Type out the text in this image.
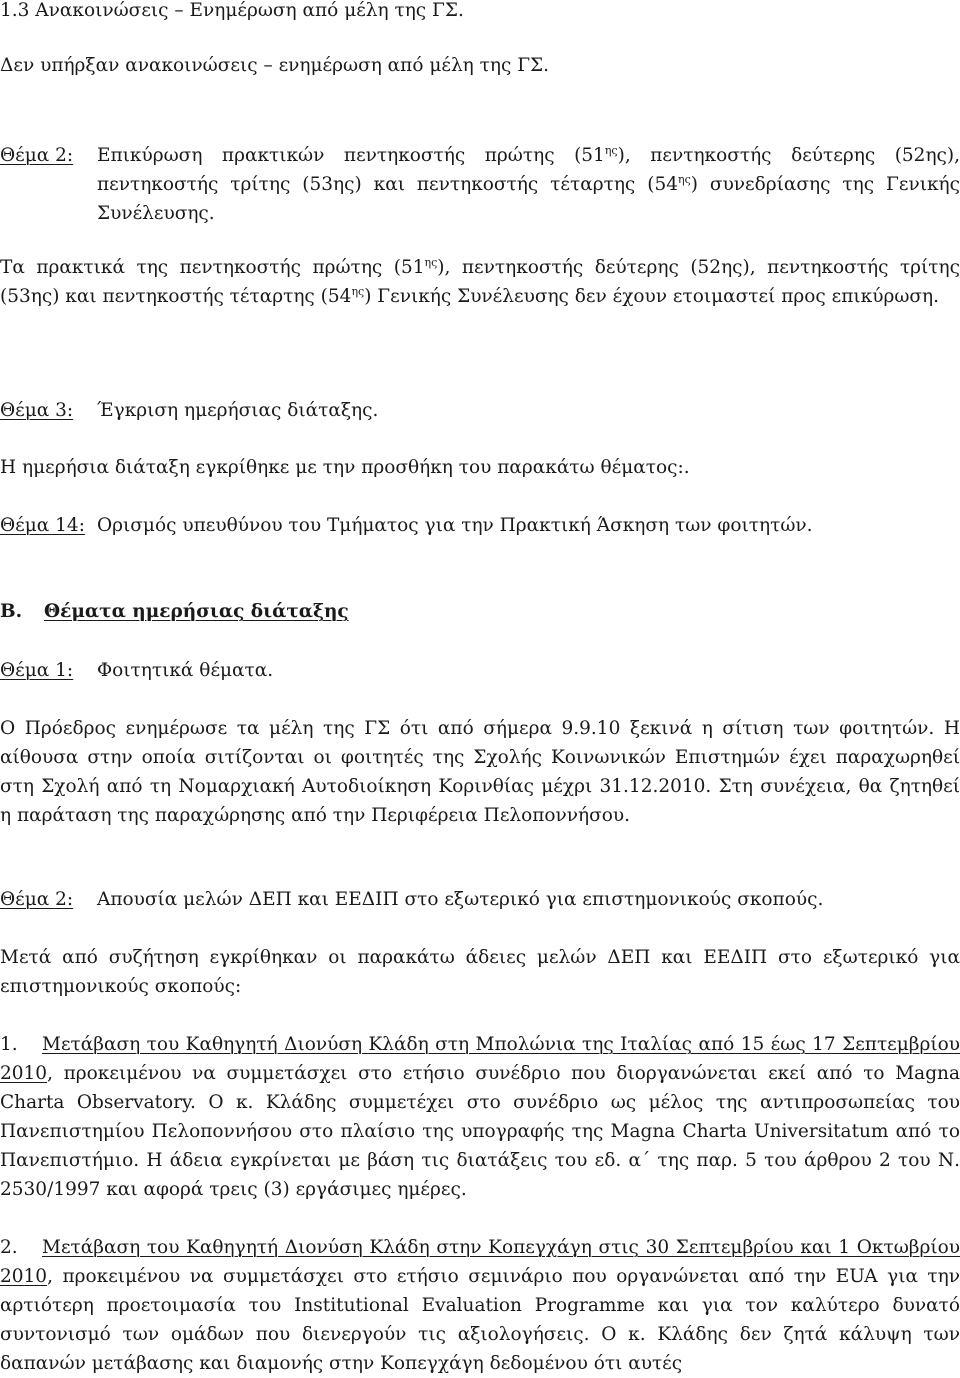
1.3 Ανακοινώσεις – Ενημέρωση από μέλη της ΓΣ.
Δεν υπήρξαν ανακοινώσεις – ενημέρωση από μέλη της ΓΣ.
Θέμα 2: Επικύρωση πρακτικών πεντηκοστής πρώτης $(51^{\eta\varsigma})$, πεντηκοστής δεύτερης (52ης),
πεντηκοστής τρίτης (53ης) και πεντηκοστής τέταρτης $(54^{\eta\varsigma})$ συνεδρίασης της Γενικής
Συνέλευσης.
Τα πρακτικά της πεντηκοστής πρώτης $(51^{\eta\varsigma})$, πεντηκοστής δεύτερης (52ης), πεντηκοστής τρίτης (53ης) και πεντηκοστής τέταρτης $(54^{\eta\varsigma})$ Γενικής Συνέλευσης δεν έχουν ετοιμαστεί προς επικύρωση.
Θέμα 3: Έγκριση ημερήσιας διάταξης.
Η ημερήσια διάταξη εγκρίθηκε με την προσθήκη του παρακάτω θέματος:.
Θέμα 14: Ορισμός υπευθύνου του Τμήματος για την Πρακτική Άσκηση των φοιτητών.
Β. Θέματα ημερήσιας διάταξης
Θέμα 1: Φοιτητικά θέματα.
Ο Πρόεδρος ενημέρωσε τα μέλη της ΓΣ ότι από σήμερα 9.9.10 ξεκινά η σίτιση των φοιτητών. Η αίθουσα στην οποία σιτίζονται οι φοιτητές της Σχολής Κοινωνικών Επιστημών έχει παραχωρηθεί στη Σχολή από τη Νομαρχιακή Αυτοδιοίκηση Κορινθίας μέχρι 31.12.2010. Στη συνέχεια, θα ζητηθεί η παράταση της παραχώρησης από την Περιφέρεια Πελοποννήσου.
Θέμα 2: Απουσία μελών ΔΕΠ και ΕΕΔΙΠ στο εξωτερικό για επιστημονικούς σκοπούς.
Μετά από συζήτηση εγκρίθηκαν οι παρακάτω άδειες μελών ΔΕΠ και ΕΕΔΙΠ στο εξωτερικό για επιστημονικούς σκοπούς:
1. Μετάβαση του Καθηγητή Διονύση Κλάδη στη Μπολώνια της Ιταλίας από 15 έως 17 Σεπτεμβρίου 2010, προκειμένου να συμμετάσχει στο ετήσιο συνέδριο που διοργανώνεται εκεί από το Magna Charta Observatory. Ο κ. Κλάδης συμμετέχει στο συνέδριο ως μέλος της αντιπροσωπείας του Πανεπιστημίου Πελοποννήσου στο πλαίσιο της υπογραφής της Magna Charta Universitatum από το Πανεπιστήμιο. Η άδεια εγκρίνεται με βάση τις διατάξεις του εδ. α΄ της παρ. 5 του άρθρου 2 του Ν. 2530/1997 και αφορά τρεις (3) εργάσιμες ημέρες.
2. Μετάβαση του Καθηγητή Διονύση Κλάδη στην Κοπεγχάγη στις 30 Σεπτεμβρίου και 1 Οκτωβρίου 2010, προκειμένου να συμμετάσχει στο ετήσιο σεμινάριο που οργανώνεται από την EUA για την αρτιότερη προετοιμασία του Institutional Evaluation Programme και για τον καλύτερο δυνατό συντονισμό των ομάδων που διενεργούν τις αξιολογήσεις. Ο κ. Κλάδης δεν ζητά κάλυψη των δαπανών μετάβασης και διαμονής στην Κοπεγχάγη δεδομένου ότι αυτές
